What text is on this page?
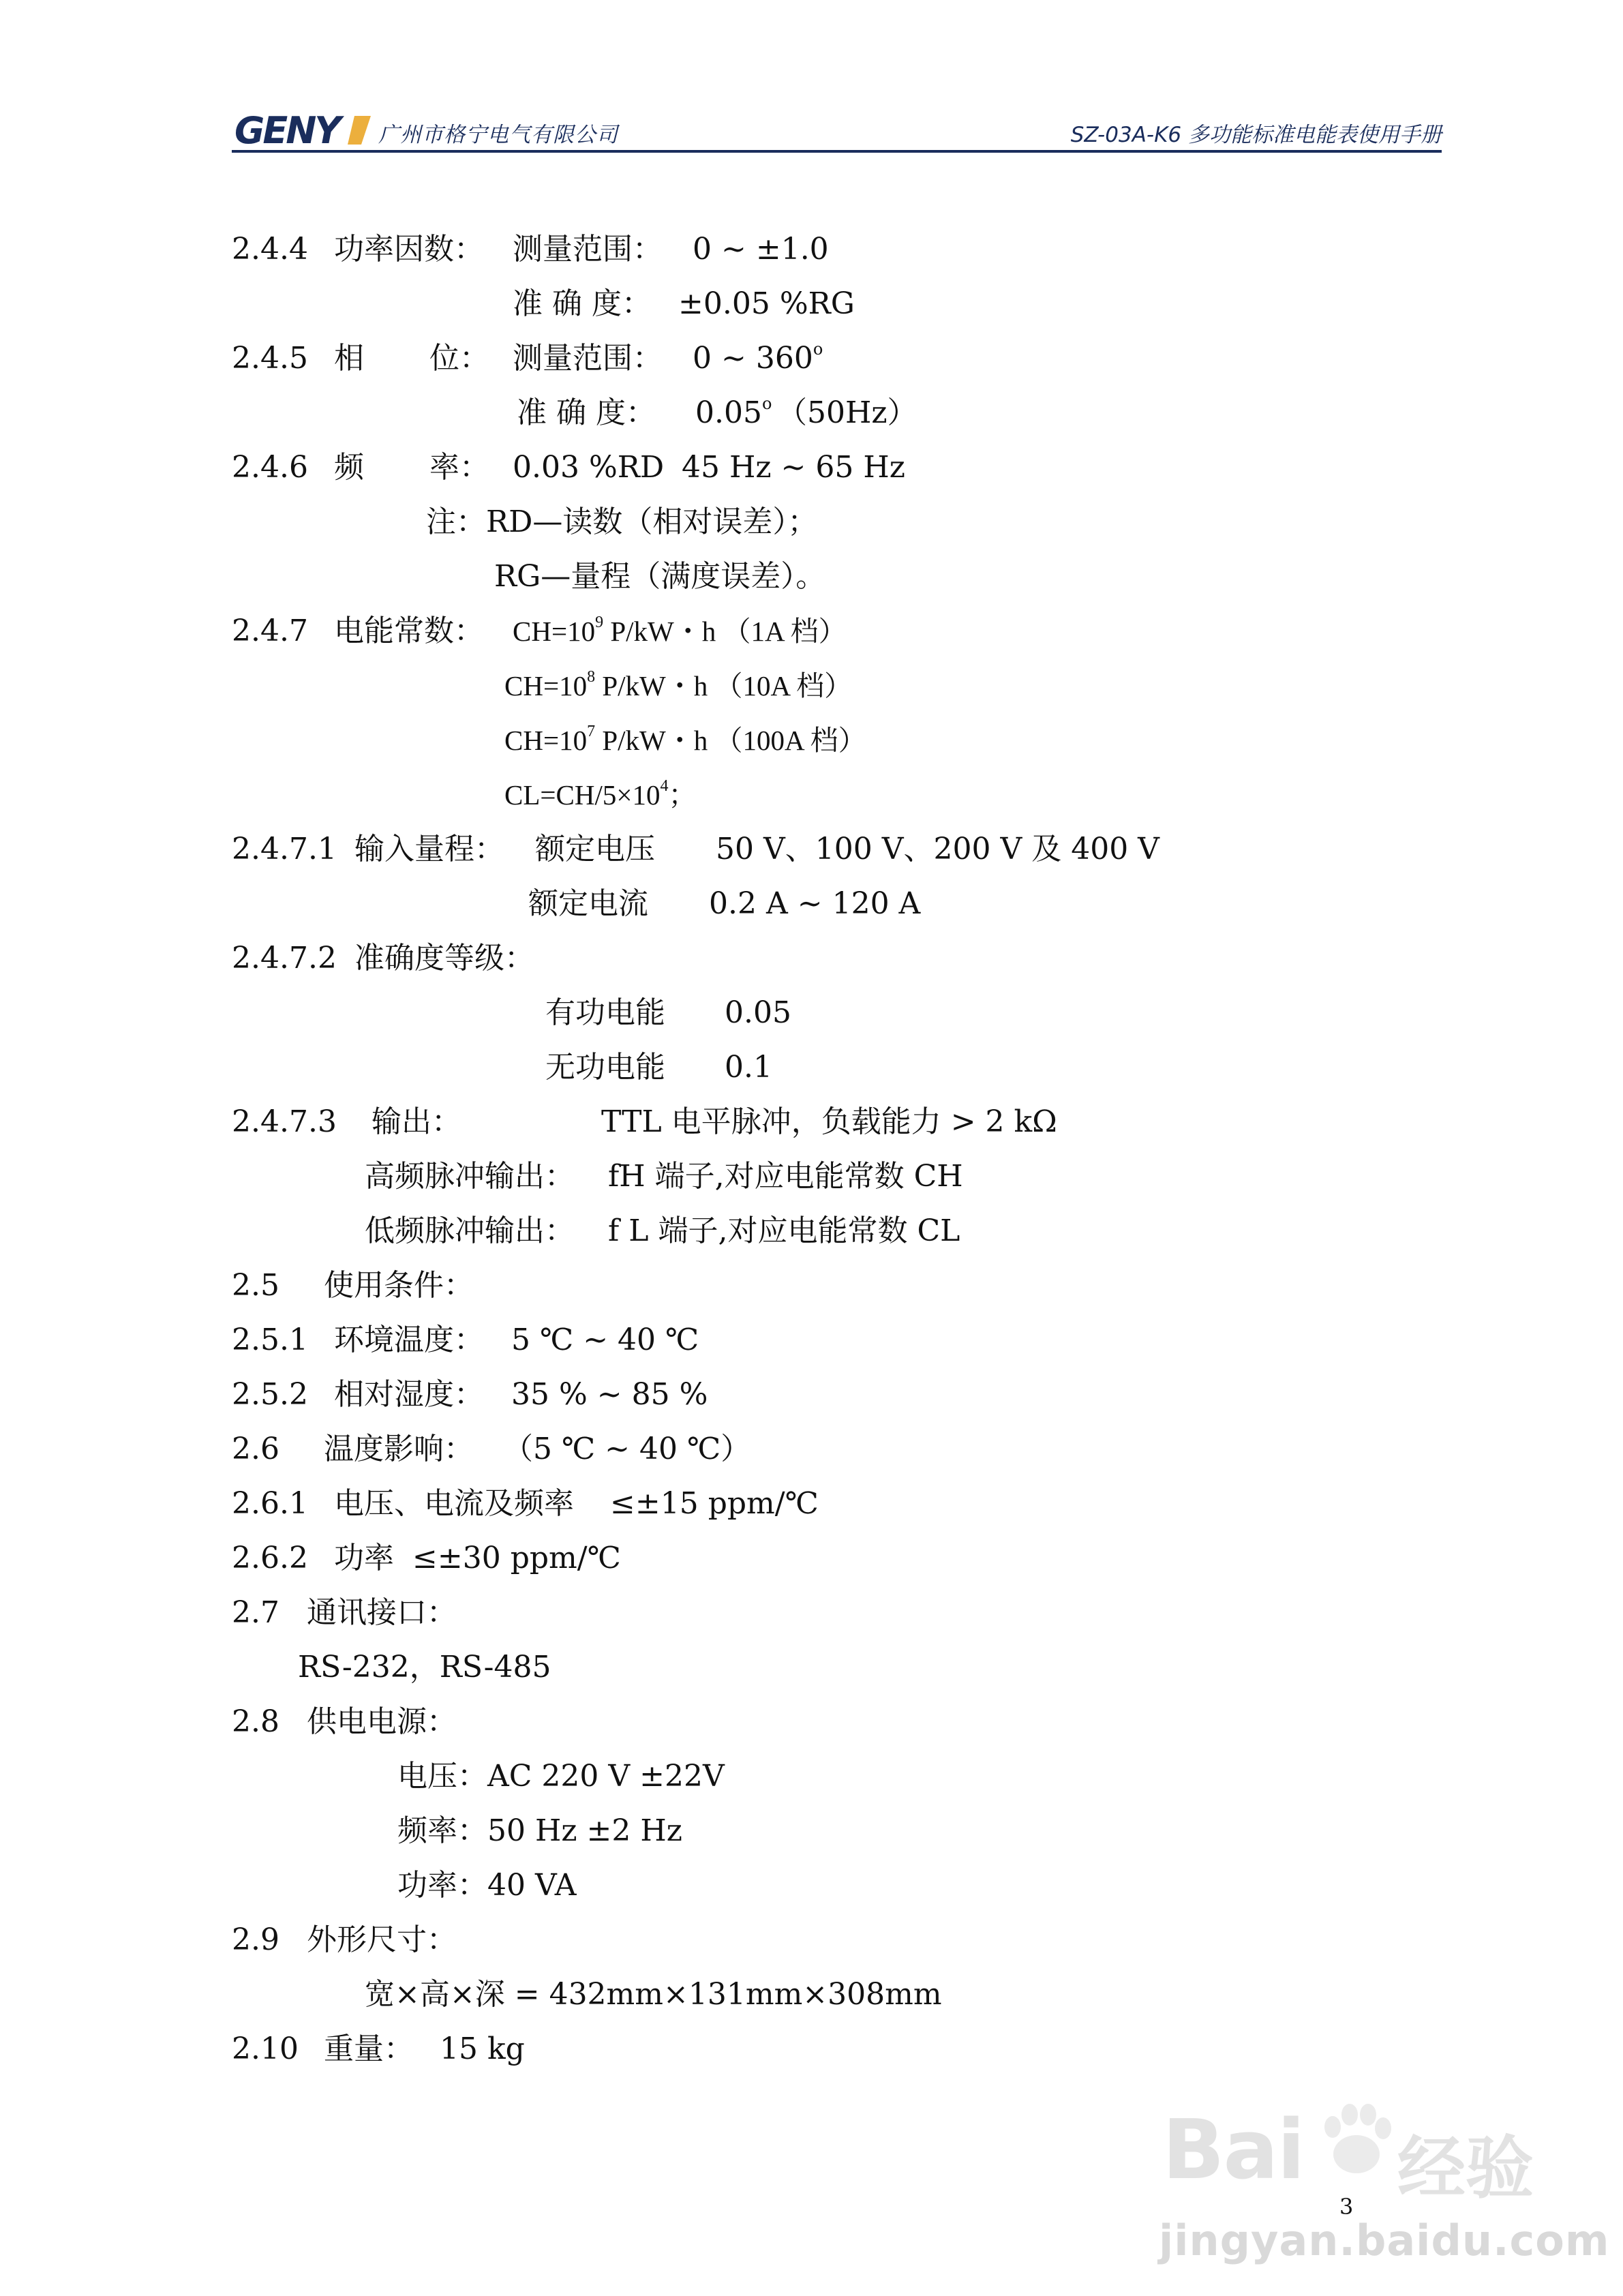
GENY 广州市格宁电气有限公司	SZ-03A-K6 多功能标准电能表使用手册
2.4.4 功率因数： 测量范围： 0 ~ ±1.0
准 确 度： ±0.05 %RG
2.4.5 相 位： 测量范围： 0 ~ 360$^o$
准 确 度： 0.05$^o$ （50Hz）
2.4.6 频 率： 0.03 %RD 45 Hz ~ 65 Hz
注：RD—读数（相对误差）；
RG—量程（满度误差）。
2.4.7 电能常数： $CH=10^9$ P/kW・h （1A 档）
$CH=10^8$ P/kW・h （10A 档）
$CH=10^7$ P/kW・h （100A 档）
$CL=CH/5\times 10^4$；
2.4.7.1 输入量程： 额定电压 50 V、100 V、200 V 及 400 V
额定电流 0.2 A ~ 120 A
2.4.7.2 准确度等级：
有功电能 0.05
无功电能 0.1
2.4.7.3 输出：	TTL 电平脉冲，负载能力 > 2 kΩ
高频脉冲输出： fH 端子,对应电能常数 CH
低频脉冲输出： f L 端子,对应电能常数 CL
2.5 使用条件：
2.5.1 环境温度： 5 ℃ ~ 40 ℃
2.5.2 相对湿度： 35 % ~ 85 %
2.6 温度影响： （5 ℃ ~ 40 ℃）
2.6.1 电压、电流及频率 ≤±15 ppm/℃
2.6.2 功率 ≤±30 ppm/℃
2.7 通讯接口：
RS-232，RS-485
2.8 供电电源：
电压：AC 220 V ±22V
频率：50 Hz ±2 Hz
功率：40 VA
2.9 外形尺寸：
宽×高×深 = 432mm×131mm×308mm
2.10 重量： 15 kg
Bai 经验
jingyan.baidu.com
3
